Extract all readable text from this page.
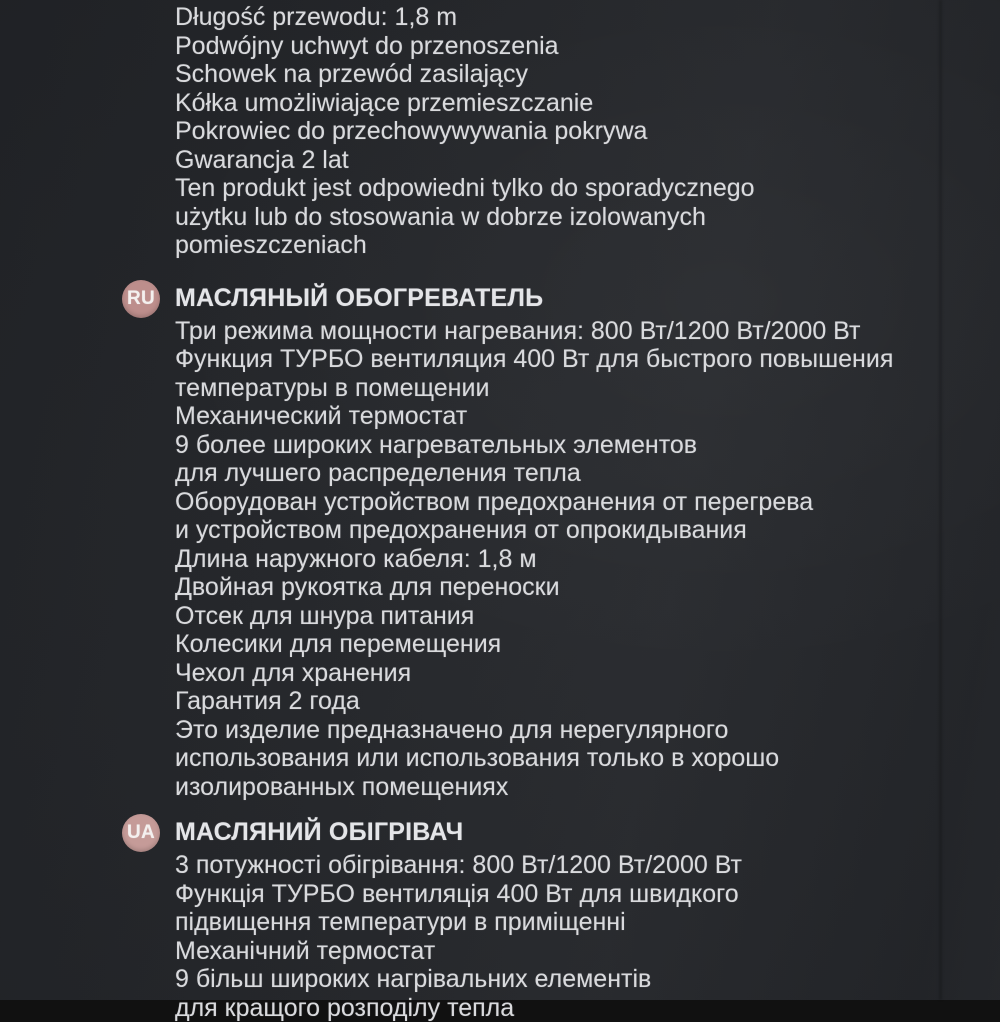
Długość przewodu: 1,8 m
Podwójny uchwyt do przenoszenia
Schowek na przewód zasilający
Kółka umożliwiające przemieszczanie
Pokrowiec do przechowywywania pokrywa
Gwarancja 2 lat
Ten produkt jest odpowiedni tylko do sporadycznego
użytku lub do stosowania w dobrze izolowanych
pomieszczeniach
RU МАСЛЯНЫЙ ОБОГРЕВАТЕЛЬ
Три режима мощности нагревания: 800 Вт/1200 Вт/2000 Вт
Функция ТУРБО вентиляция 400 Вт для быстрого повышения
температуры в помещении
Механический термостат
9 более широких нагревательных элементов
для лучшего распределения тепла
Оборудован устройством предохранения от перегрева
и устройством предохранения от опрокидывания
Длина наружного кабеля: 1,8 м
Двойная рукоятка для переноски
Отсек для шнура питания
Колесики для перемещения
Чехол для хранения
Гарантия 2 года
Это изделие предназначено для нерегулярного
использования или использования только в хорошо
изолированных помещениях
UA МАСЛЯНИЙ ОБІГРІВАЧ
3 потужності обігрівання: 800 Вт/1200 Вт/2000 Вт
Функція ТУРБО вентиляція 400 Вт для швидкого
підвищення температури в приміщенні
Механічний термостат
9 більш широких нагрівальних елементів
для кращого розподілу тепла
